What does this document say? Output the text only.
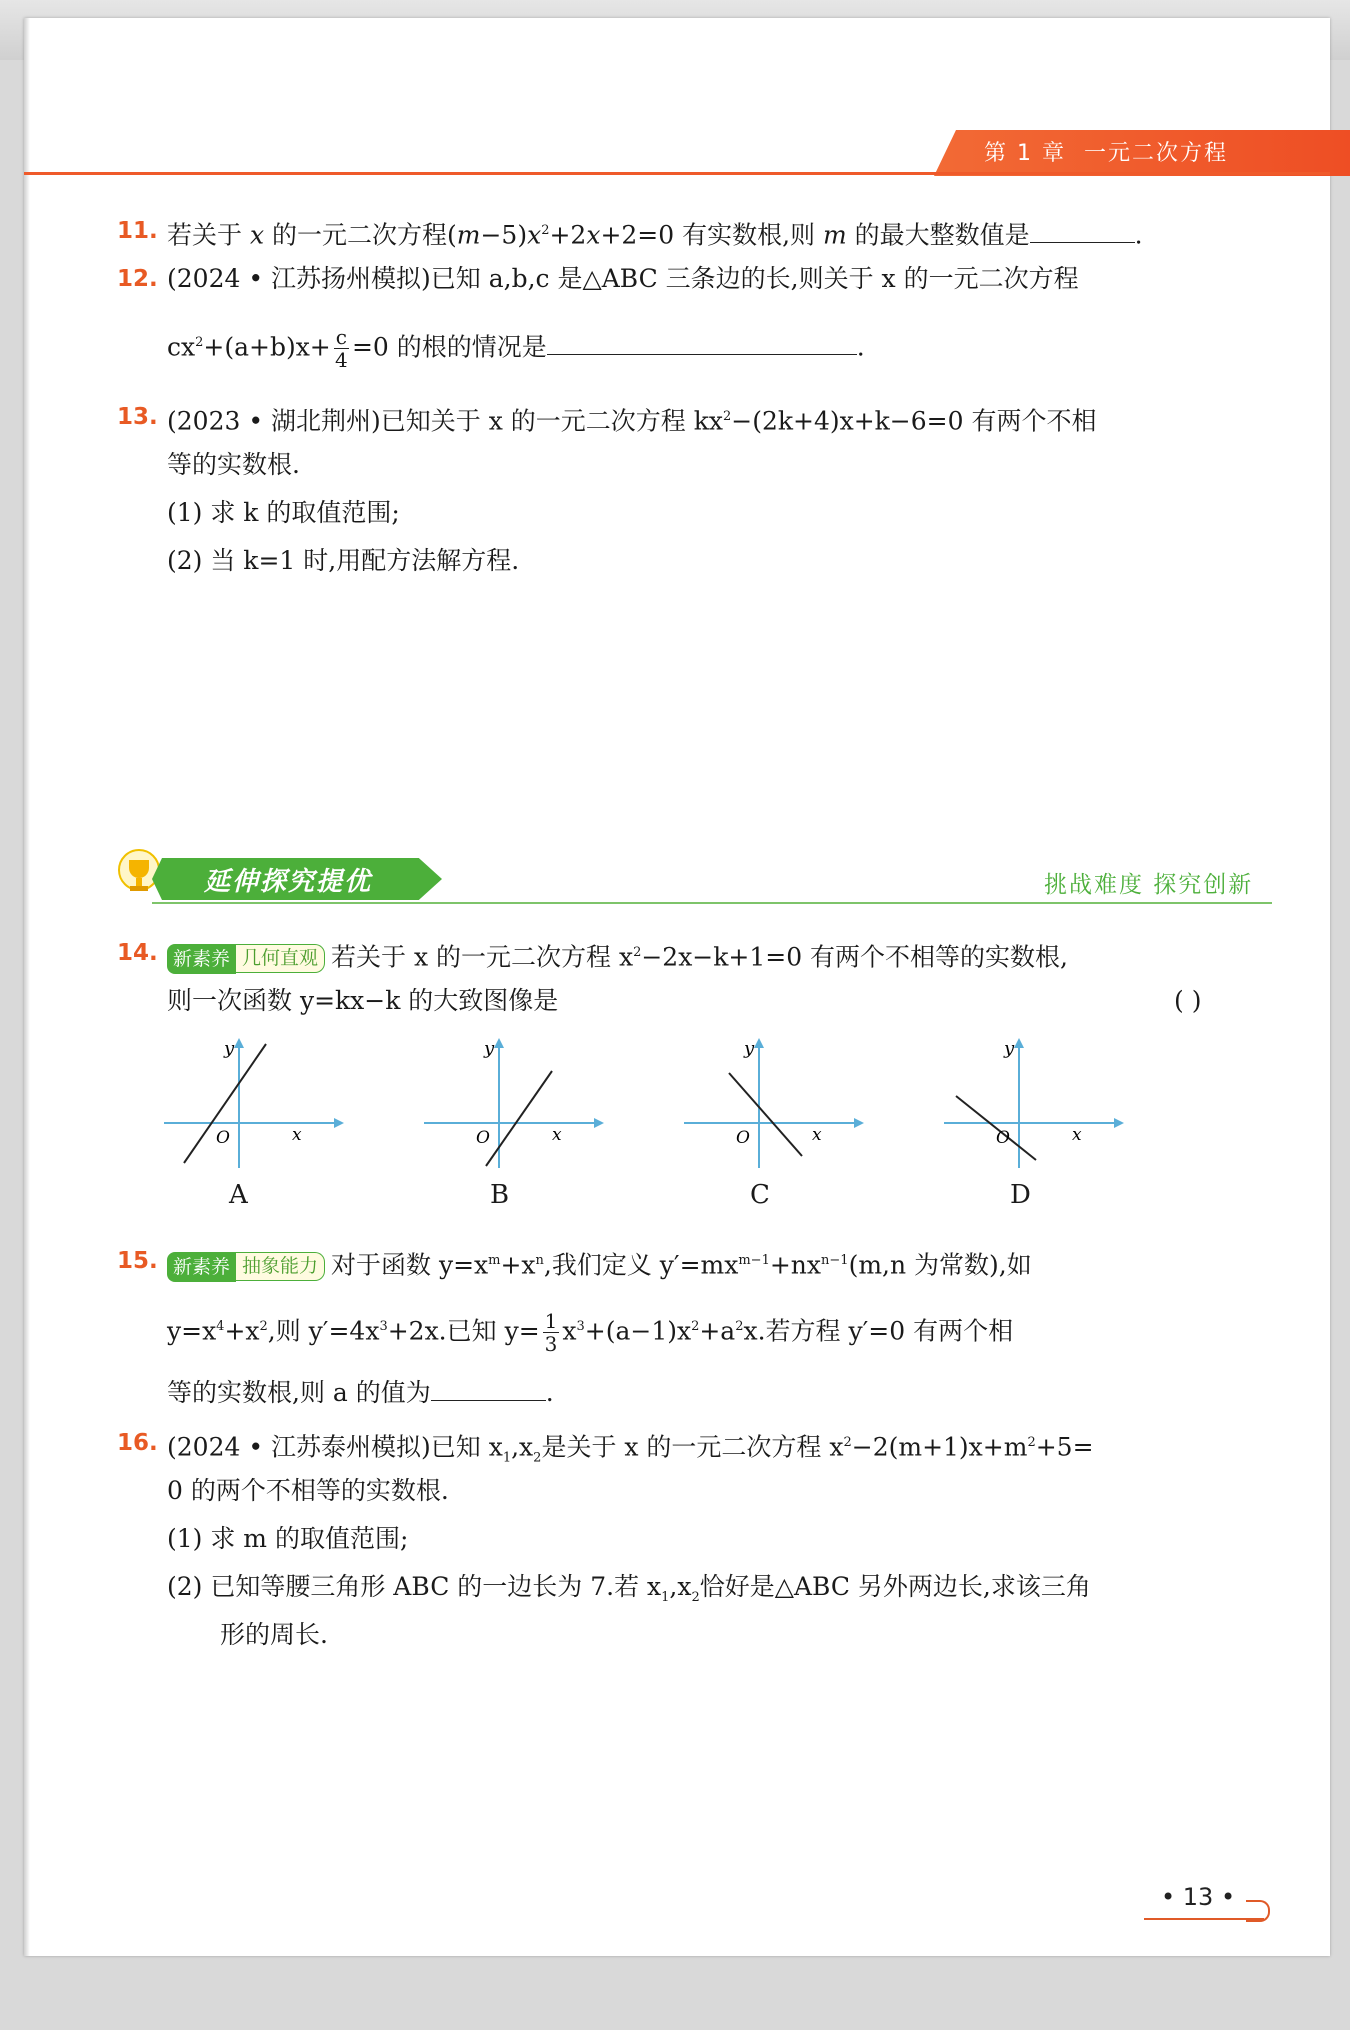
第 1 章 一元二次方程
11. 若关于 x 的一元二次方程$(m-5)x^2+2x+2=0$ 有实数根,则 m 的最大整数值是	.
12. (2024 • 江苏扬州模拟)已知 a,b,c 是△ABC 三条边的长,则关于 x 的一元二次方程
$cx^2+(a+b)x+ \frac{c}{4} =0$ 的根的情况是	.
13. (2023 • 湖北荆州)已知关于 x 的一元二次方程 $kx^2-(2k+4)x+k-6=0$ 有两个不相
等的实数根.
(1) 求 k 的取值范围;
(2) 当 k=1 时,用配方法解方程.
延伸探究提优	挑战难度 探究创新
14. 新素养 几何直观 若关于 x 的一元二次方程 $x^2-2x-k+1=0$ 有两个不相等的实数根,
则一次函数 y=kx−k 的大致图像是	( )
y
x
O
y
x
O
y
x
O
y
x
O
A	B	C	D
15. 新素养 抽象能力 对于函数 $y=x^m+x^n$,我们定义 $y'=mx^{m-1}+nx^{n-1}(m,n$ 为常数),如
$y=x^4+x^2$,则 $y'=4x^3+2x$.已知 $y= \frac{1}{3} x^3+(a-1)x^2+a^2x$.若方程 y′=0 有两个相
等的实数根,则 a 的值为	.
16. (2024 • 江苏泰州模拟)已知 $x_1,x_2$是关于 x 的一元二次方程 $x^2-2(m+1)x+m^2+5=$
0 的两个不相等的实数根.
(1) 求 m 的取值范围;
(2) 已知等腰三角形 ABC 的一边长为 7.若 $x_1,x_2$恰好是△ABC 另外两边长,求该三角
形的周长.
• 13 •
